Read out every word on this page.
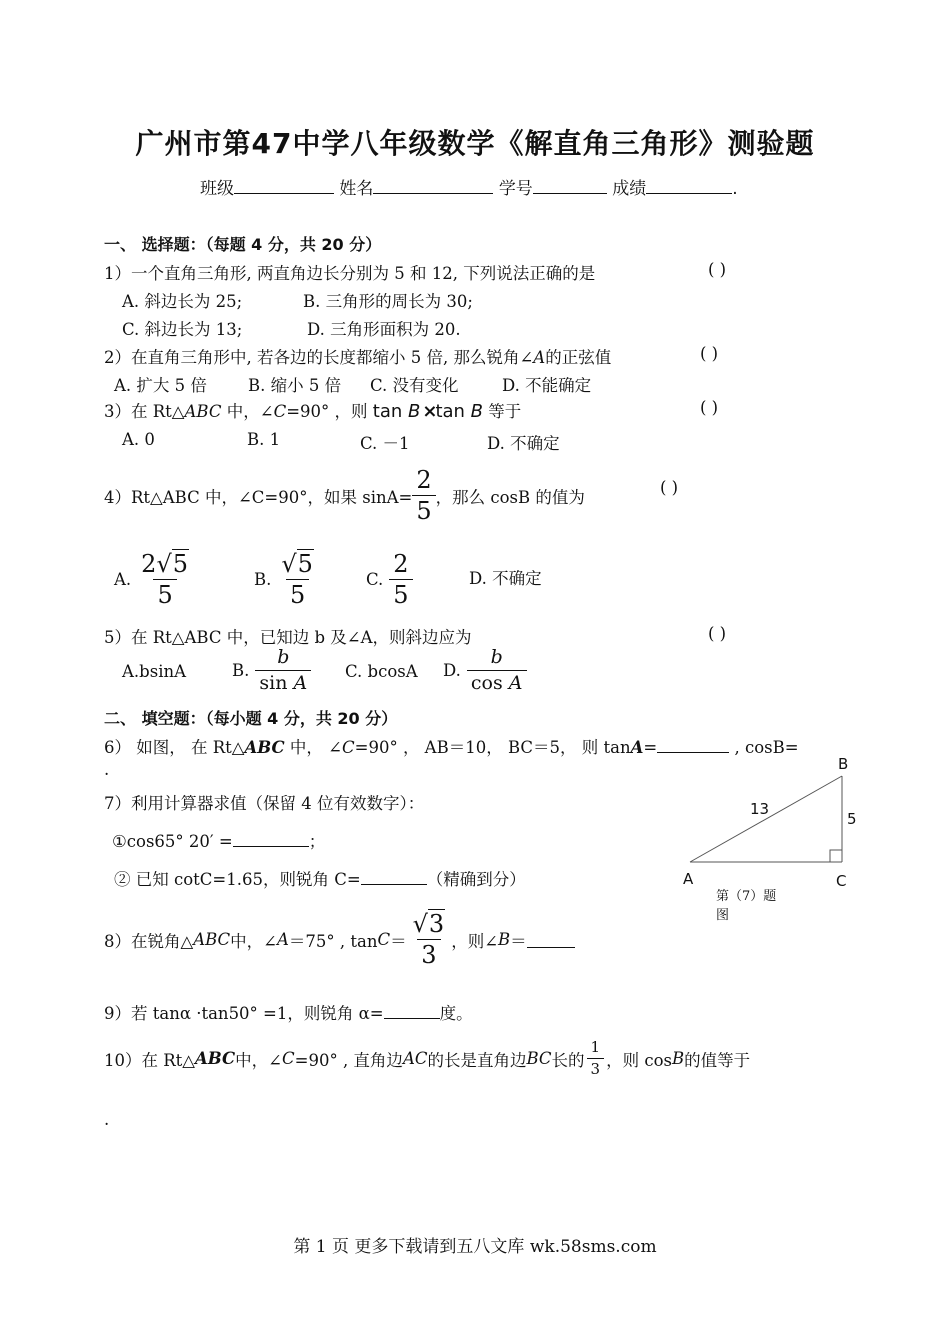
广州市第47中学八年级数学《解直角三角形》测验题
班级	姓名	学号	成绩	.
一、 选择题：（每题 4 分，共 20 分）
1）一个直角三角形, 两直角边长分别为 5 和 12, 下列说法正确的是	( )
A. 斜边长为 25;	B. 三角形的周长为 30;
C. 斜边长为 13;	D. 三角形面积为 20.
2）在直角三角形中, 若各边的长度都缩小 5 倍, 那么锐角∠A的正弦值	( )
A. 扩大 5 倍 B. 缩小 5 倍 C. 没有变化	D. 不能确定
3）在 Rt△ABC 中，∠C=90° ，则 tan B ×tan B 等于	( )
A. 0	B. 1	C. －1	D. 不确定
4）Rt△ABC 中，∠C=90°，如果 $\sin A= \frac{2}{5}$ ，那么 cosB 的值为	( )
A. $\frac{2√5}{5}$	B. $\frac{√5}{5}$	C. $\frac{2}{5}$	D. 不确定
5）在 Rt△ABC 中，已知边 b 及∠A，则斜边应为	( )
A.bsinA	B. $\frac{b}{\text{sin A}} C$. bcosA D. $\frac{b}{\text{cos A}}$
二、 填空题：（每小题 4 分，共 20 分）
6） 如图， 在 Rt△ABC 中， ∠C=90° ， AB＝10， BC＝5， 则 tanA=	, cosB=
.
7）利用计算器求值（保留 4 位有效数字）：
①cos65° 20′ =	；
② 已知 cotC=1.65，则锐角 C=	（精确到分）	A
B
C
13
5
第（7）题
图
8）在锐角△ ABC 中，∠ A ＝75° , $\tan C = \frac{√3}{3}$ ，则∠ B ＝
9）若 tanα ·tan50° =1，则锐角 α=	度。
10）在 Rt△ ABC 中，∠ C =90° , 直角边 AC 的长是直角边 BC 长的 $\frac{1}{3}$ ，则 cos B 的值等于
.
第 1 页 更多下载请到五八文库 wk.58sms.com
